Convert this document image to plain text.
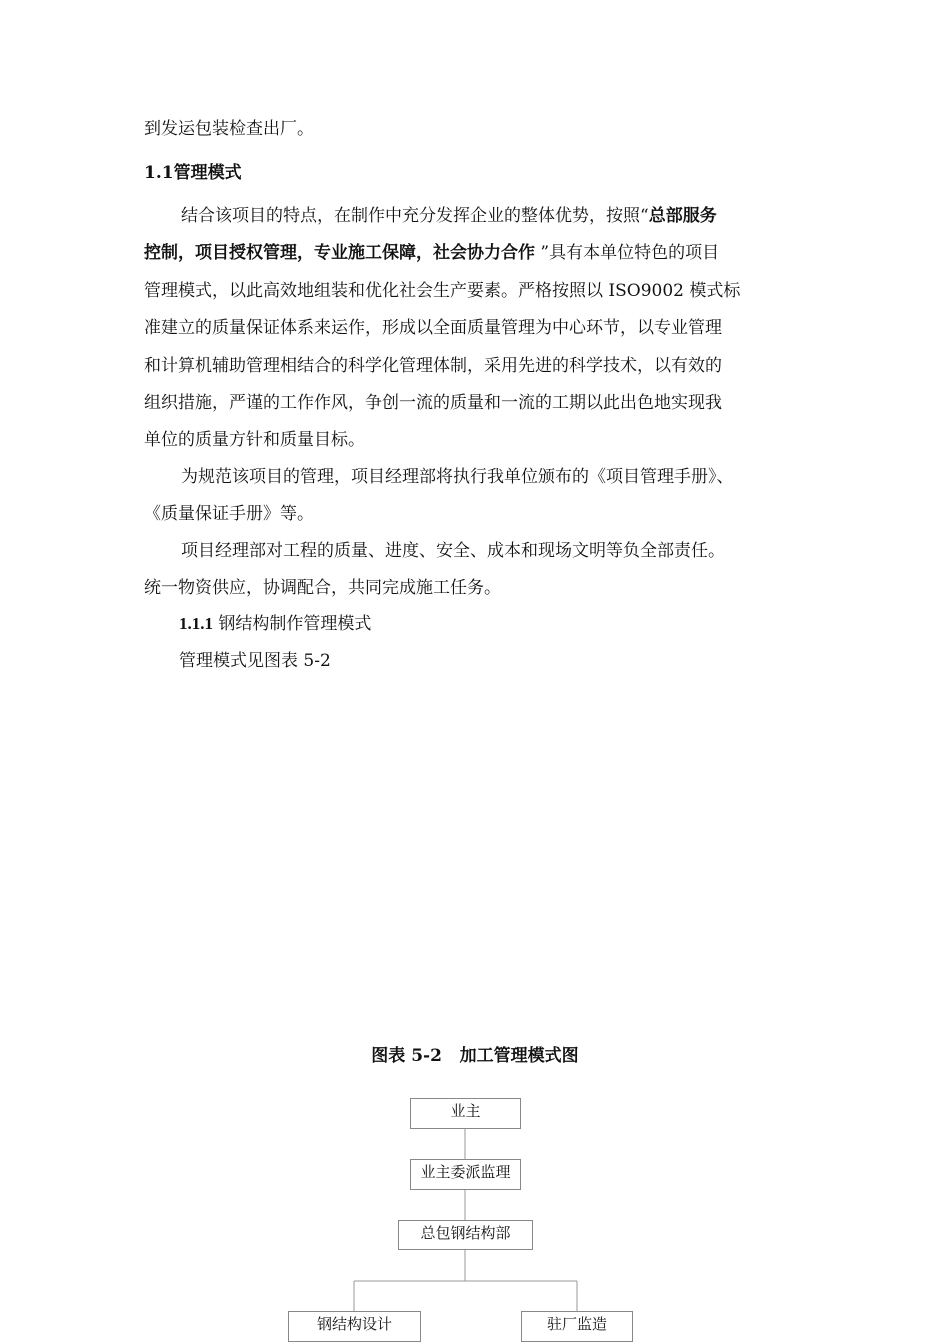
到发运包装检查出厂。
1.1管理模式
结合该项目的特点，在制作中充分发挥企业的整体优势，按照“总部服务
控制，项目授权管理，专业施工保障，社会协力合作 ”具有本单位特色的项目
管理模式，以此高效地组装和优化社会生产要素。严格按照以 ISO9002 模式标
准建立的质量保证体系来运作，形成以全面质量管理为中心环节，以专业管理
和计算机辅助管理相结合的科学化管理体制，采用先进的科学技术，以有效的
组织措施，严谨的工作作风，争创一流的质量和一流的工期以此出色地实现我
单位的质量方针和质量目标。
为规范该项目的管理，项目经理部将执行我单位颁布的《项目管理手册》、
《质量保证手册》等。
项目经理部对工程的质量、进度、安全、成本和现场文明等负全部责任。
统一物资供应，协调配合，共同完成施工任务。
1.1.1 钢结构制作管理模式
管理模式见图表 5-2
图表 5-2   加工管理模式图
业主
业主委派监理
总包钢结构部
钢结构设计	驻厂监造
